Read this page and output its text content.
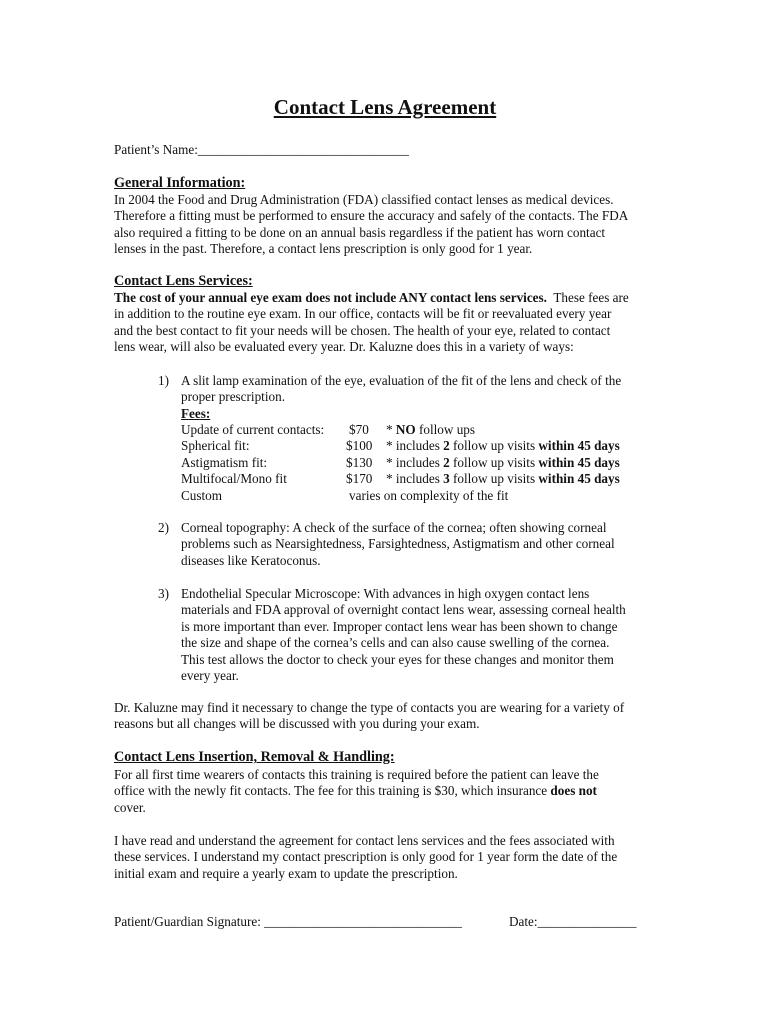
Contact Lens Agreement
Patient’s Name:________________________________
General Information:
In 2004 the Food and Drug Administration (FDA) classified contact lenses as medical devices.
Therefore a fitting must be performed to ensure the accuracy and safely of the contacts. The FDA
also required a fitting to be done on an annual basis regardless if the patient has worn contact
lenses in the past. Therefore, a contact lens prescription is only good for 1 year.
Contact Lens Services:
The cost of your annual eye exam does not include ANY contact lens services. These fees are
in addition to the routine eye exam. In our office, contacts will be fit or reevaluated every year
and the best contact to fit your needs will be chosen. The health of your eye, related to contact
lens wear, will also be evaluated every year. Dr. Kaluzne does this in a variety of ways:
1) A slit lamp examination of the eye, evaluation of the fit of the lens and check of the
proper prescription.
Fees:
Update of current contacts: $70 * NO follow ups
Spherical fit:	$100 * includes 2 follow up visits within 45 days
Astigmatism fit:	$130 * includes 2 follow up visits within 45 days
Multifocal/Mono fit	$170 * includes 3 follow up visits within 45 days
Custom	varies on complexity of the fit
2) Corneal topography: A check of the surface of the cornea; often showing corneal
problems such as Nearsightedness, Farsightedness, Astigmatism and other corneal
diseases like Keratoconus.
3) Endothelial Specular Microscope: With advances in high oxygen contact lens
materials and FDA approval of overnight contact lens wear, assessing corneal health
is more important than ever. Improper contact lens wear has been shown to change
the size and shape of the cornea’s cells and can also cause swelling of the cornea.
This test allows the doctor to check your eyes for these changes and monitor them
every year.
Dr. Kaluzne may find it necessary to change the type of contacts you are wearing for a variety of
reasons but all changes will be discussed with you during your exam.
Contact Lens Insertion, Removal & Handling:
For all first time wearers of contacts this training is required before the patient can leave the
office with the newly fit contacts. The fee for this training is $30, which insurance does not
cover.
I have read and understand the agreement for contact lens services and the fees associated with
these services. I understand my contact prescription is only good for 1 year form the date of the
initial exam and require a yearly exam to update the prescription.
Patient/Guardian Signature: ______________________________	Date:_______________
